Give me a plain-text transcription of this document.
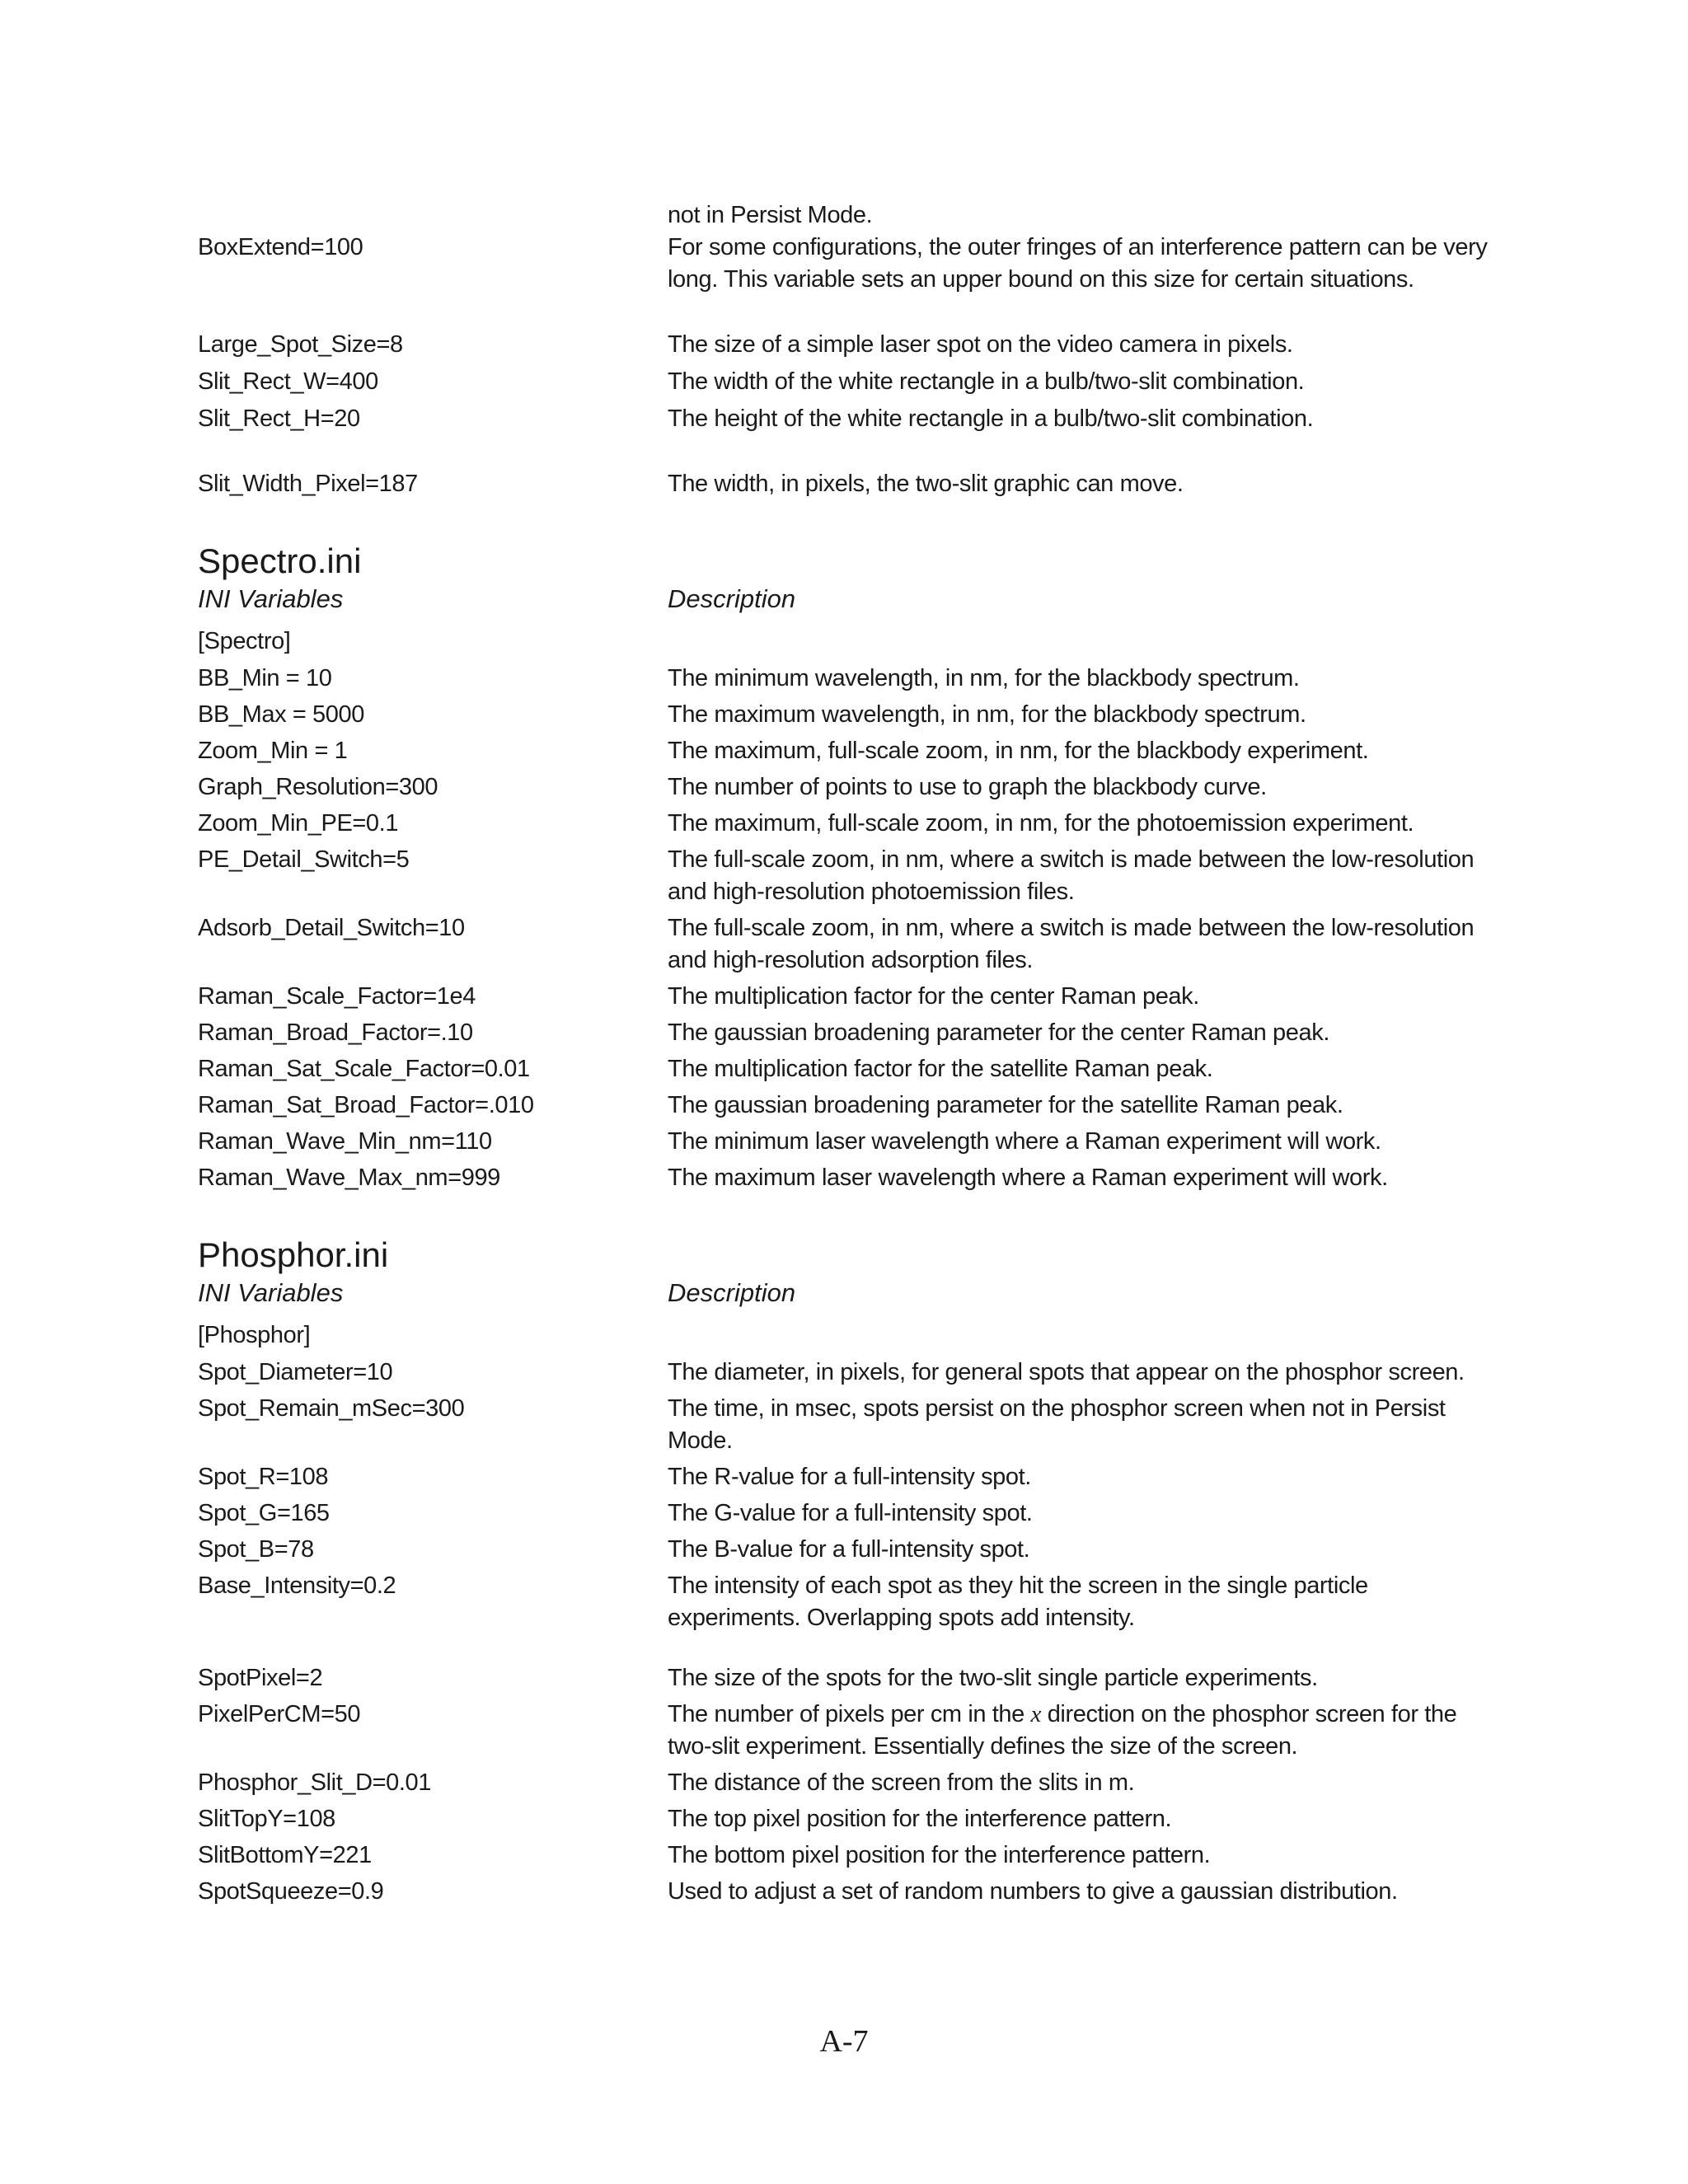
not in Persist Mode.
BoxExtend=100	For some configurations, the outer fringes of an interference pattern can be very long. This variable sets an upper bound on this size for certain situations.
Large_Spot_Size=8	The size of a simple laser spot on the video camera in pixels.
Slit_Rect_W=400	The width of the white rectangle in a bulb/two-slit combination.
Slit_Rect_H=20	The height of the white rectangle in a bulb/two-slit combination.
Slit_Width_Pixel=187	The width, in pixels, the two-slit graphic can move.
Spectro.ini
INI Variables	Description
[Spectro]
BB_Min = 10	The minimum wavelength, in nm, for the blackbody spectrum.
BB_Max = 5000	The maximum wavelength, in nm, for the blackbody spectrum.
Zoom_Min = 1	The maximum, full-scale zoom, in nm, for the blackbody experiment.
Graph_Resolution=300	The number of points to use to graph the blackbody curve.
Zoom_Min_PE=0.1	The maximum, full-scale zoom, in nm, for the photoemission experiment.
PE_Detail_Switch=5	The full-scale zoom, in nm, where a switch is made between the low-resolution and high-resolution photoemission files.
Adsorb_Detail_Switch=10	The full-scale zoom, in nm, where a switch is made between the low-resolution and high-resolution adsorption files.
Raman_Scale_Factor=1e4	The multiplication factor for the center Raman peak.
Raman_Broad_Factor=.10	The gaussian broadening parameter for the center Raman peak.
Raman_Sat_Scale_Factor=0.01	The multiplication factor for the satellite Raman peak.
Raman_Sat_Broad_Factor=.010	The gaussian broadening parameter for the satellite Raman peak.
Raman_Wave_Min_nm=110	The minimum laser wavelength where a Raman experiment will work.
Raman_Wave_Max_nm=999	The maximum laser wavelength where a Raman experiment will work.
Phosphor.ini
INI Variables	Description
[Phosphor]
Spot_Diameter=10	The diameter, in pixels, for general spots that appear on the phosphor screen.
Spot_Remain_mSec=300	The time, in msec, spots persist on the phosphor screen when not in Persist Mode.
Spot_R=108	The R-value for a full-intensity spot.
Spot_G=165	The G-value for a full-intensity spot.
Spot_B=78	The B-value for a full-intensity spot.
Base_Intensity=0.2	The intensity of each spot as they hit the screen in the single particle experiments. Overlapping spots add intensity.
SpotPixel=2	The size of the spots for the two-slit single particle experiments.
PixelPerCM=50	The number of pixels per cm in the x direction on the phosphor screen for the two-slit experiment. Essentially defines the size of the screen.
Phosphor_Slit_D=0.01	The distance of the screen from the slits in m.
SlitTopY=108	The top pixel position for the interference pattern.
SlitBottomY=221	The bottom pixel position for the interference pattern.
SpotSqueeze=0.9	Used to adjust a set of random numbers to give a gaussian distribution.
A-7
